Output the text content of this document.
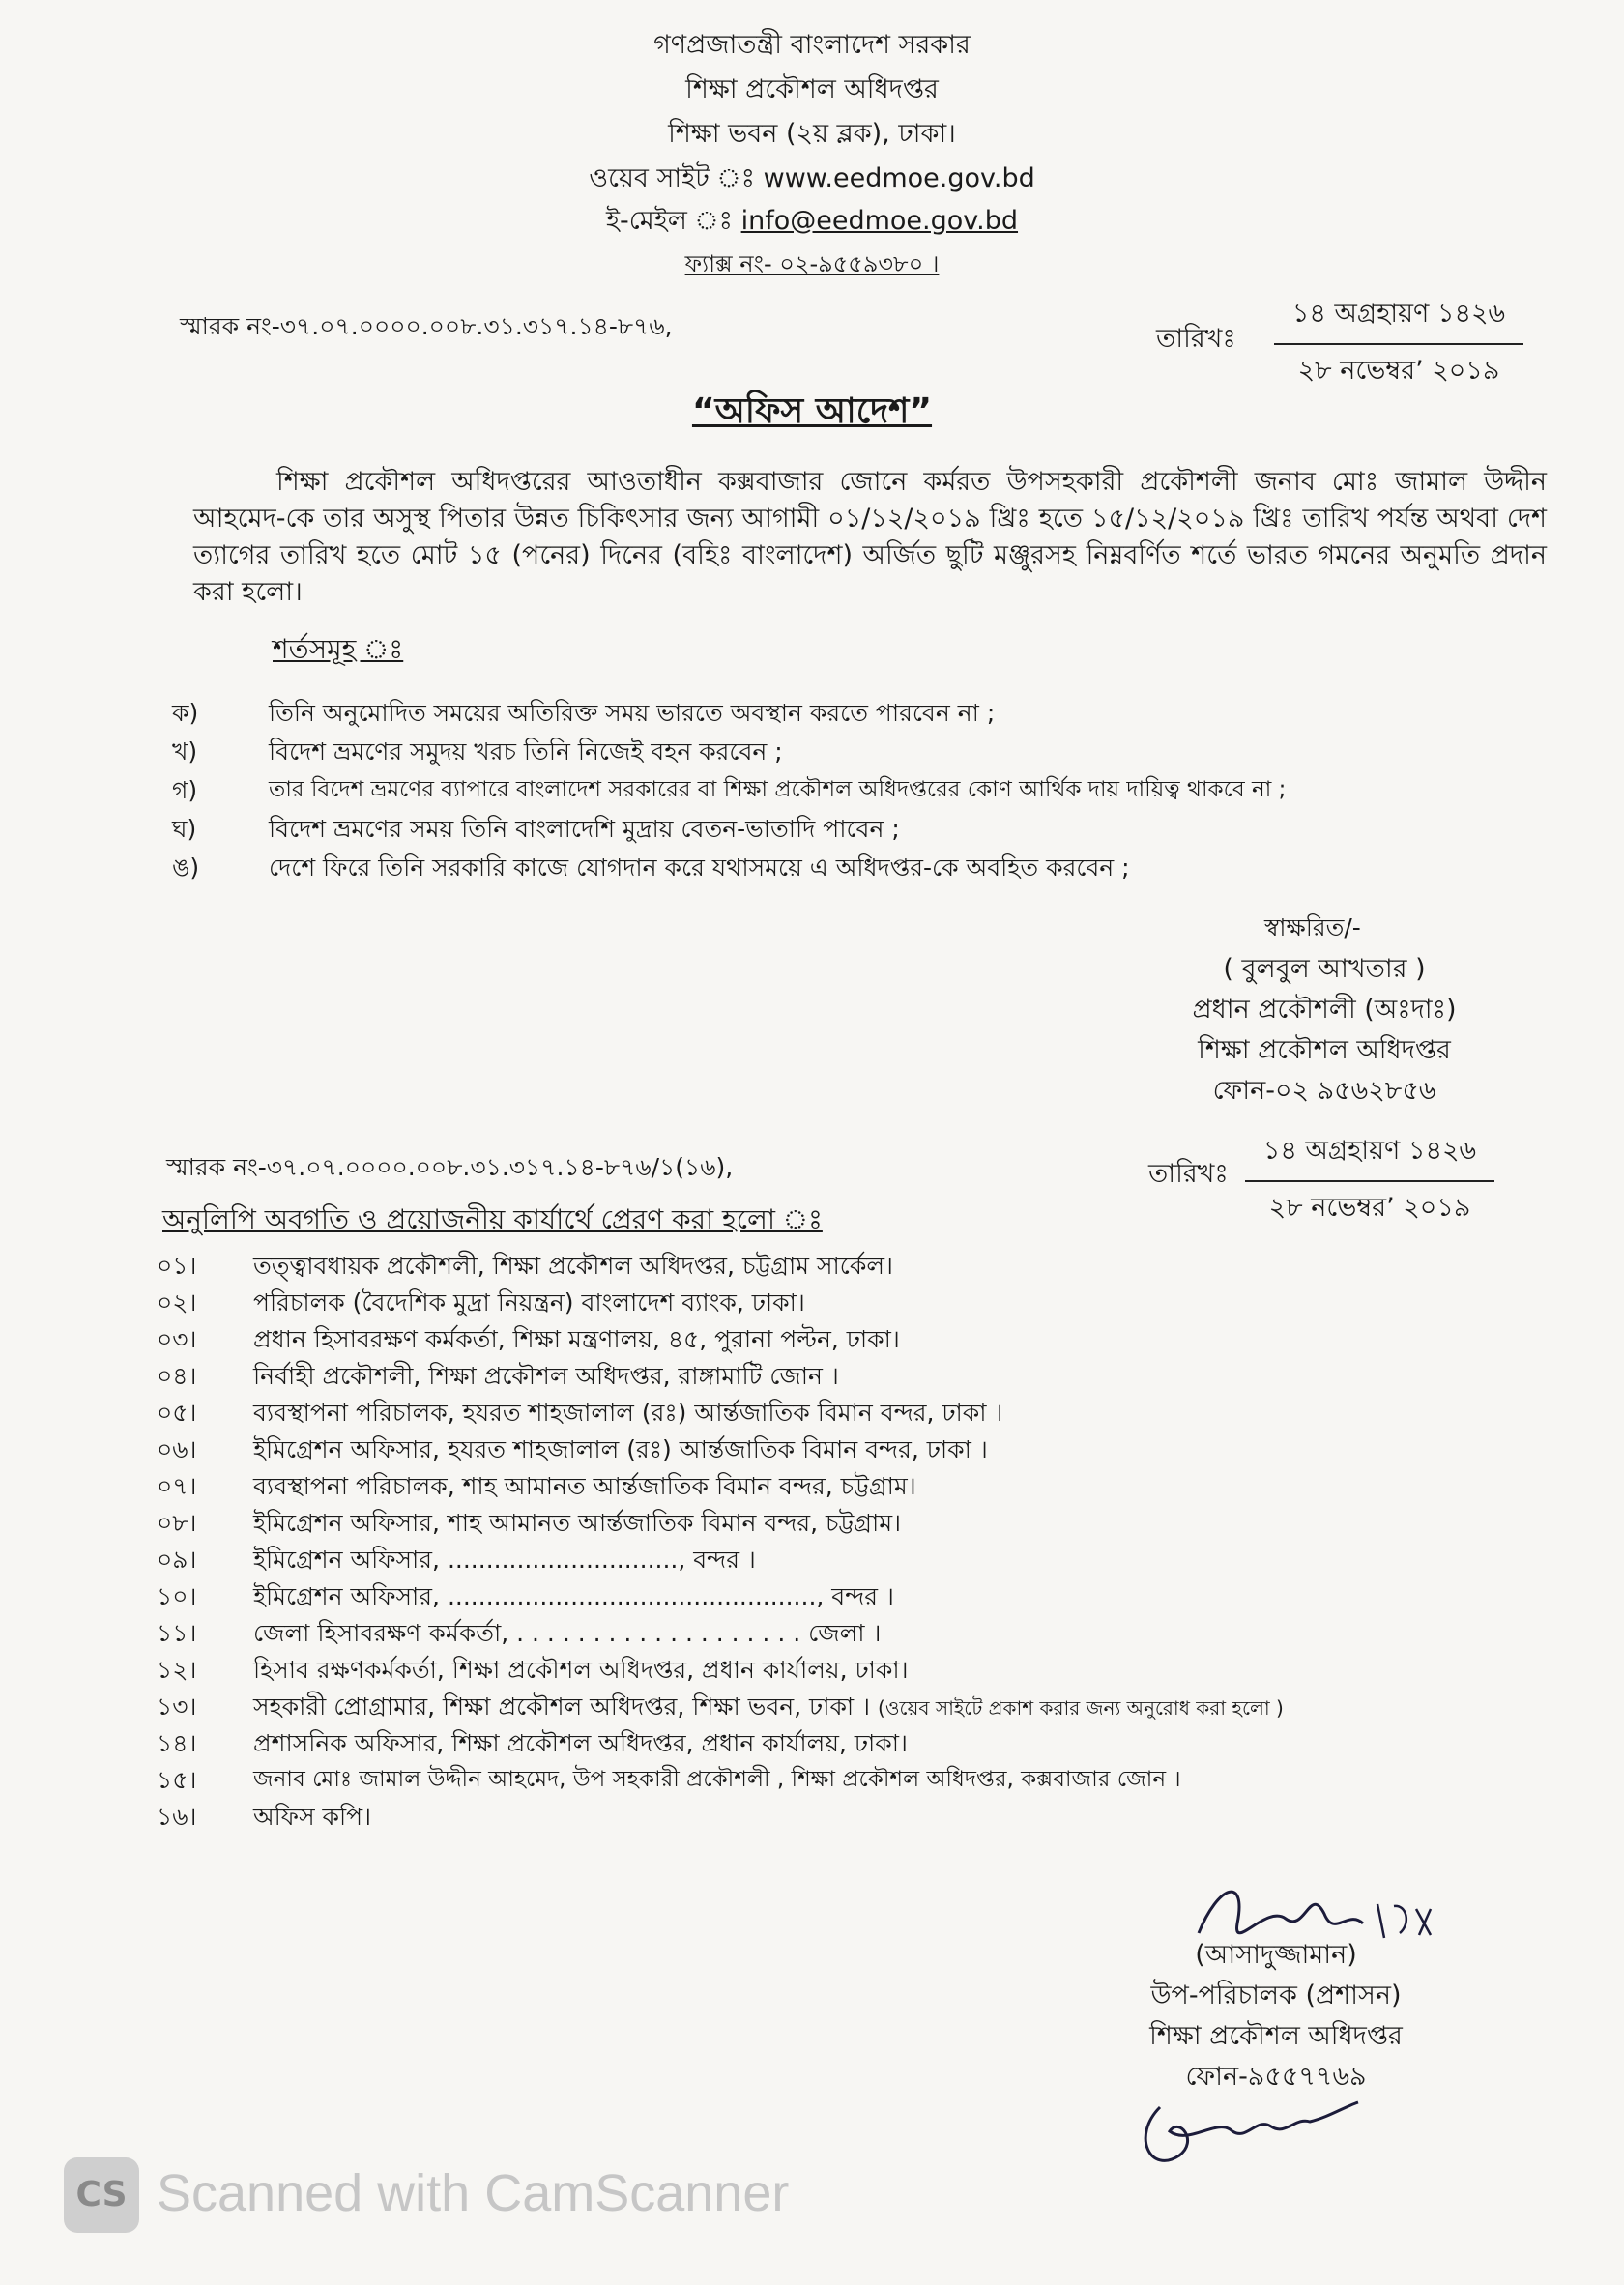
গণপ্রজাতন্ত্রী বাংলাদেশ সরকার
শিক্ষা প্রকৌশল অধিদপ্তর
শিক্ষা ভবন (২য় ব্লক), ঢাকা।
ওয়েব সাইট ঃ www.eedmoe.gov.bd
ই-মেইল ঃ info@eedmoe.gov.bd
ফ্যাক্স নং- ০২-৯৫৫৯৩৮০ ।
স্মারক নং-৩৭.০৭.০০০০.০০৮.৩১.৩১৭.১৪-৮৭৬,	তারিখঃ
১৪ অগ্রহায়ণ ১৪২৬
২৮ নভেম্বর’ ২০১৯
“অফিস আদেশ”
শিক্ষা প্রকৌশল অধিদপ্তরের আওতাধীন কক্সবাজার জোনে কর্মরত উপসহকারী প্রকৌশলী জনাব মোঃ জামাল উদ্দীন আহমেদ-কে তার অসুস্থ পিতার উন্নত চিকিৎসার জন্য আগামী ০১/১২/২০১৯ খ্রিঃ হতে ১৫/১২/২০১৯ খ্রিঃ তারিখ পর্যন্ত অথবা দেশ ত্যাগের তারিখ হতে মোট ১৫ (পনের) দিনের (বহিঃ বাংলাদেশ) অর্জিত ছুটি মঞ্জুরসহ নিম্নবর্ণিত শর্তে ভারত গমনের অনুমতি প্রদান করা হলো।
শর্তসমূহ ঃ
ক)	তিনি অনুমোদিত সময়ের অতিরিক্ত সময় ভারতে অবস্থান করতে পারবেন না ;
খ)	বিদেশ ভ্রমণের সমুদয় খরচ তিনি নিজেই বহন করবেন ;
গ)	তার বিদেশ ভ্রমণের ব্যাপারে বাংলাদেশ সরকারের বা শিক্ষা প্রকৌশল অধিদপ্তরের কোণ আর্থিক দায় দায়িত্ব থাকবে না ;
ঘ)	বিদেশ ভ্রমণের সময় তিনি বাংলাদেশি মুদ্রায় বেতন-ভাতাদি পাবেন ;
ঙ)	দেশে ফিরে তিনি সরকারি কাজে যোগদান করে যথাসময়ে এ অধিদপ্তর-কে অবহিত করবেন ;
স্বাক্ষরিত/-
( বুলবুল আখতার )
প্রধান প্রকৌশলী (অঃদাঃ)
শিক্ষা প্রকৌশল অধিদপ্তর
ফোন-০২ ৯৫৬২৮৫৬
স্মারক নং-৩৭.০৭.০০০০.০০৮.৩১.৩১৭.১৪-৮৭৬/১(১৬),	তারিখঃ
১৪ অগ্রহায়ণ ১৪২৬
২৮ নভেম্বর’ ২০১৯
অনুলিপি অবগতি ও প্রয়োজনীয় কার্যার্থে প্রেরণ করা হলো ঃ
০১। তত্ত্বাবধায়ক প্রকৌশলী, শিক্ষা প্রকৌশল অধিদপ্তর, চট্টগ্রাম সার্কেল।
০২। পরিচালক (বৈদেশিক মুদ্রা নিয়ন্ত্রন) বাংলাদেশ ব্যাংক, ঢাকা।
০৩। প্রধান হিসাবরক্ষণ কর্মকর্তা, শিক্ষা মন্ত্রণালয়, ৪৫, পুরানা পল্টন, ঢাকা।
০৪। নির্বাহী প্রকৌশলী, শিক্ষা প্রকৌশল অধিদপ্তর, রাঙ্গামাটি জোন ।
০৫। ব্যবস্থাপনা পরিচালক, হযরত শাহজালাল (রঃ) আর্ন্তজাতিক বিমান বন্দর, ঢাকা ।
০৬। ইমিগ্রেশন অফিসার, হযরত শাহজালাল (রঃ) আর্ন্তজাতিক বিমান বন্দর, ঢাকা ।
০৭। ব্যবস্থাপনা পরিচালক, শাহ আমানত আর্ন্তজাতিক বিমান বন্দর, চট্টগ্রাম।
০৮। ইমিগ্রেশন অফিসার, শাহ আমানত আর্ন্তজাতিক বিমান বন্দর, চট্টগ্রাম।
০৯। ইমিগ্রেশন অফিসার, .............................., বন্দর ।
১০। ইমিগ্রেশন অফিসার, ................................................, বন্দর ।
১১। জেলা হিসাবরক্ষণ কর্মকর্তা, . . . . . . . . . . . . . . . . . . . জেলা ।
১২। হিসাব রক্ষণকর্মকর্তা, শিক্ষা প্রকৌশল অধিদপ্তর, প্রধান কার্যালয়, ঢাকা।
১৩। সহকারী প্রোগ্রামার, শিক্ষা প্রকৌশল অধিদপ্তর, শিক্ষা ভবন, ঢাকা । (ওয়েব সাইটে প্রকাশ করার জন্য অনুরোধ করা হলো )
১৪। প্রশাসনিক অফিসার, শিক্ষা প্রকৌশল অধিদপ্তর, প্রধান কার্যালয়, ঢাকা।
১৫।	জনাব মোঃ জামাল উদ্দীন আহমেদ, উপ সহকারী প্রকৌশলী , শিক্ষা প্রকৌশল অধিদপ্তর, কক্সবাজার জোন ।
১৬। অফিস কপি।
(আসাদুজ্জামান)
উপ-পরিচালক (প্রশাসন)
শিক্ষা প্রকৌশল অধিদপ্তর
ফোন-৯৫৫৭৭৬৯
CS Scanned with CamScanner
